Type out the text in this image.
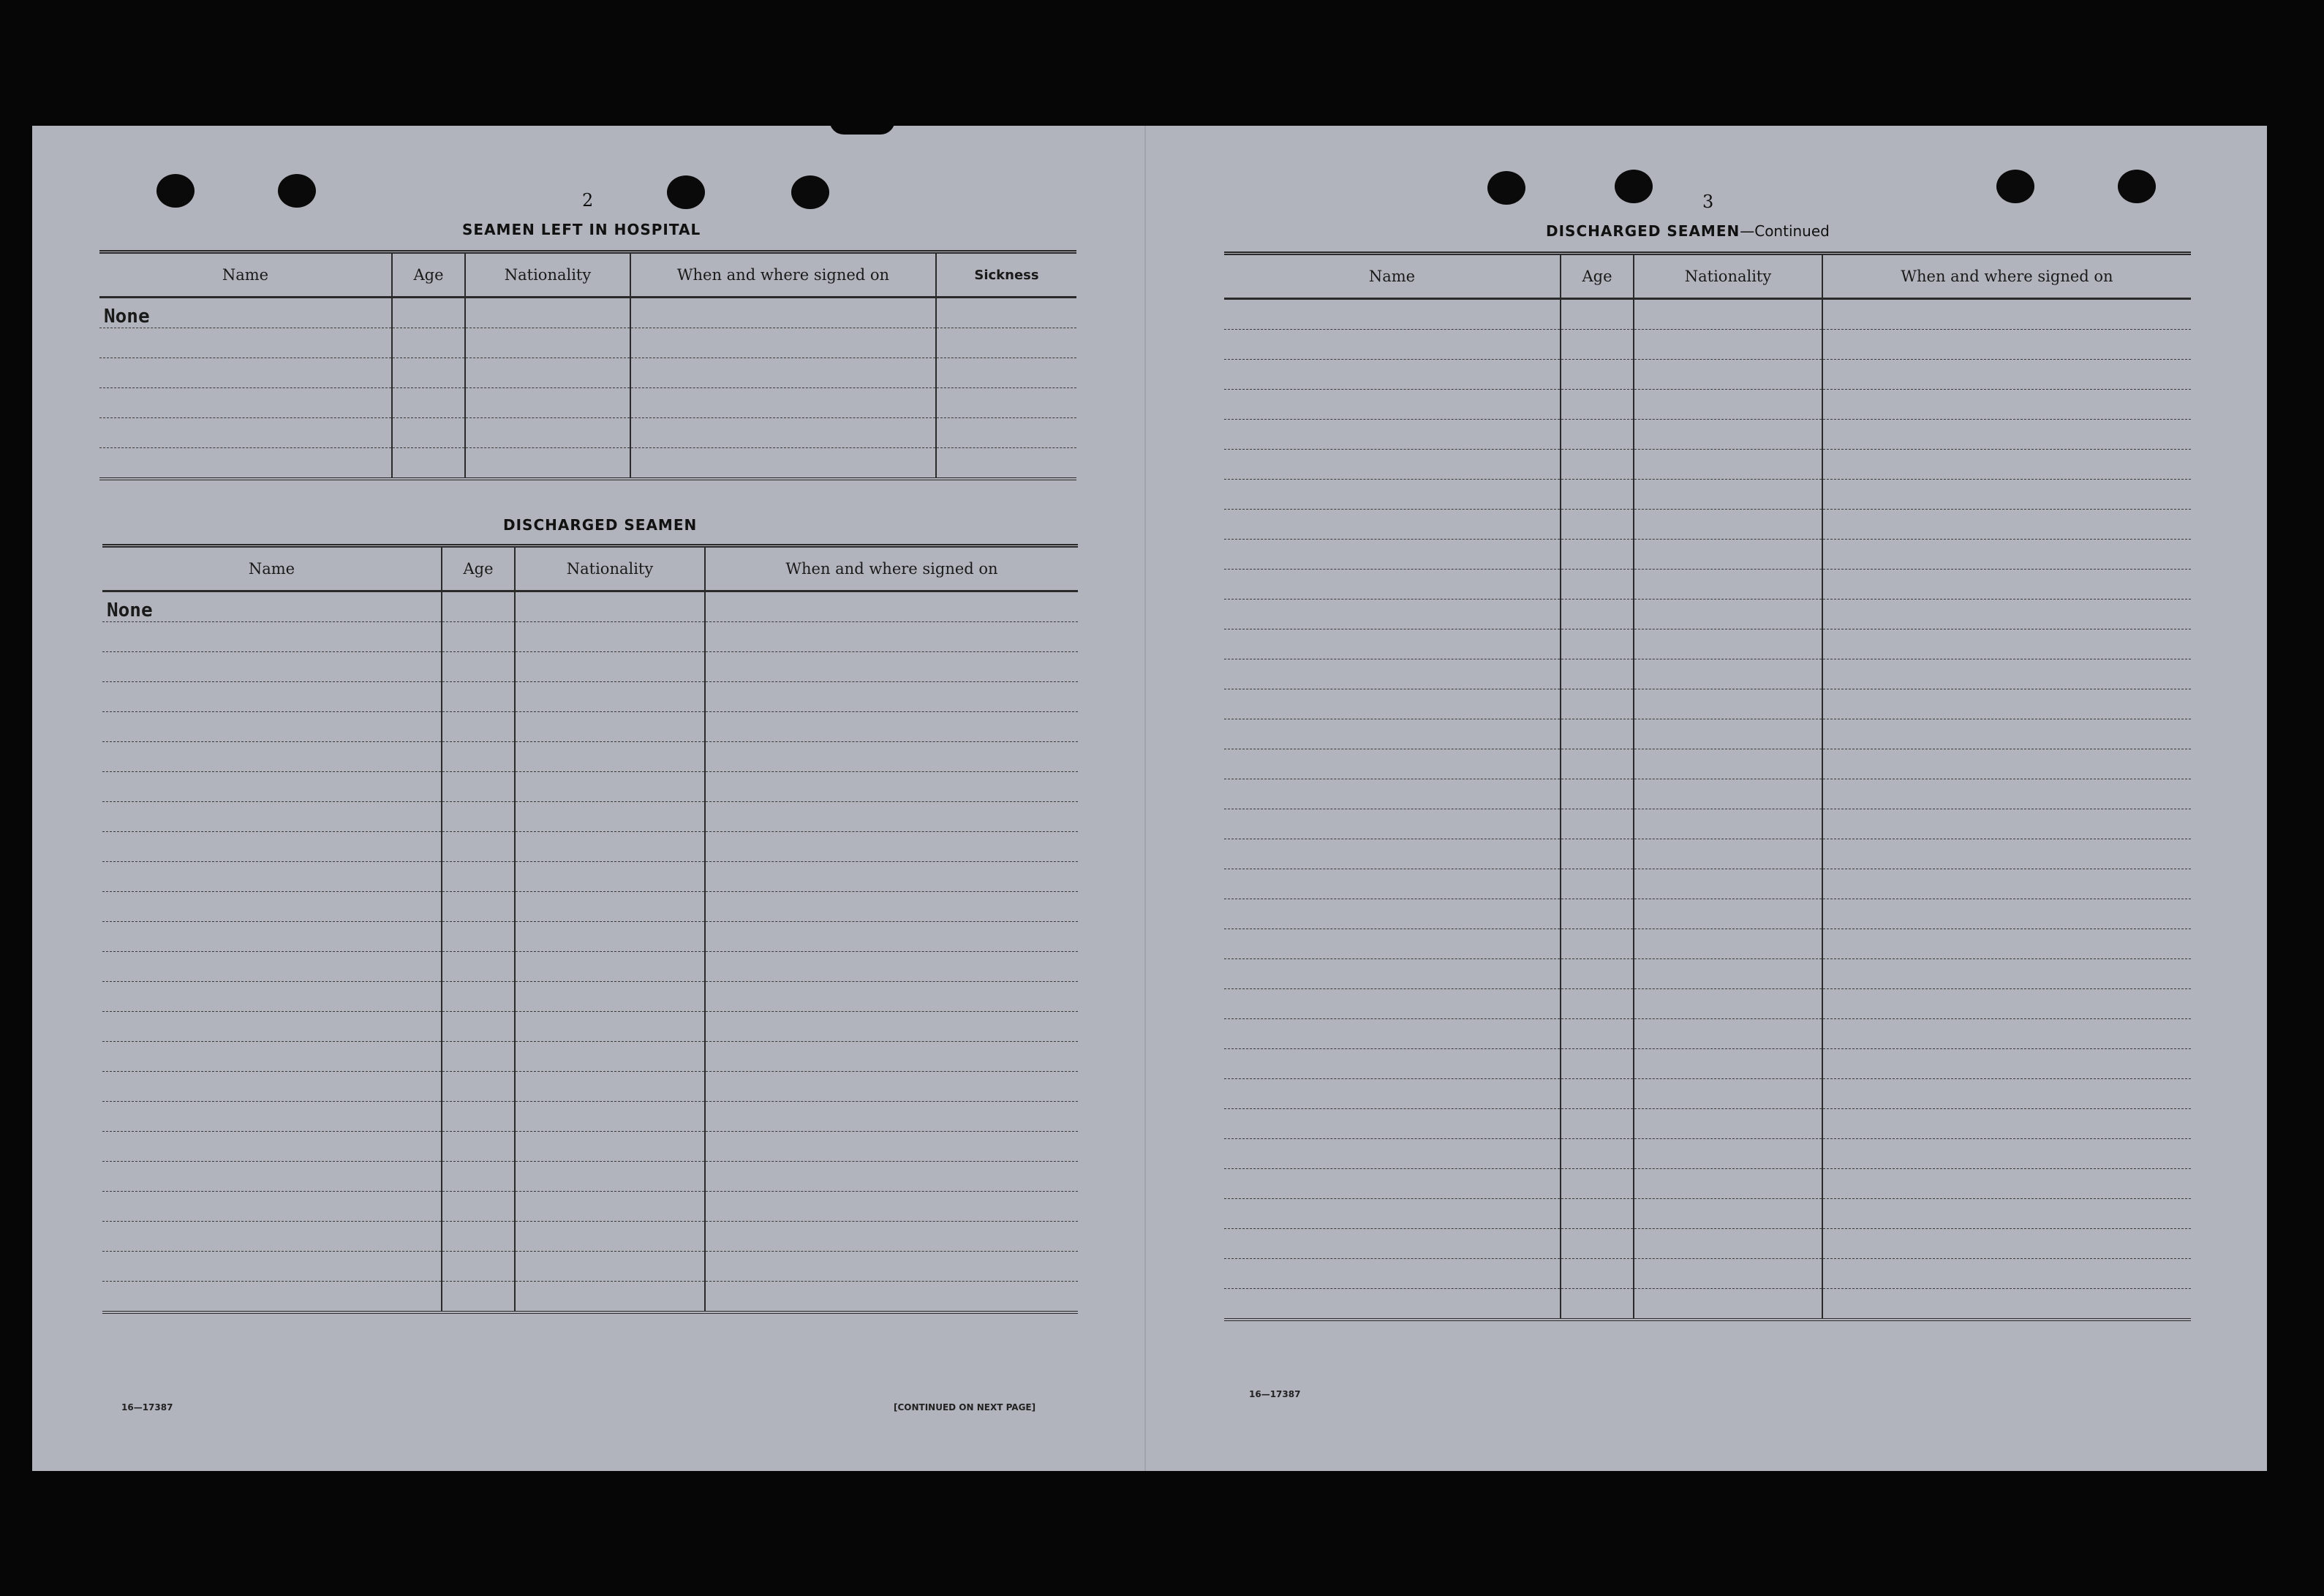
2
SEAMEN LEFT IN HOSPITAL
Name	Age	Nationality	When and where signed on	Sickness
None				

DISCHARGED SEAMEN
Name	Age	Nationality	When and where signed on
None			

16—17387	[CONTINUED ON NEXT PAGE]
3
DISCHARGED SEAMEN—Continued
Name	Age	Nationality	When and where signed on

16—17387
